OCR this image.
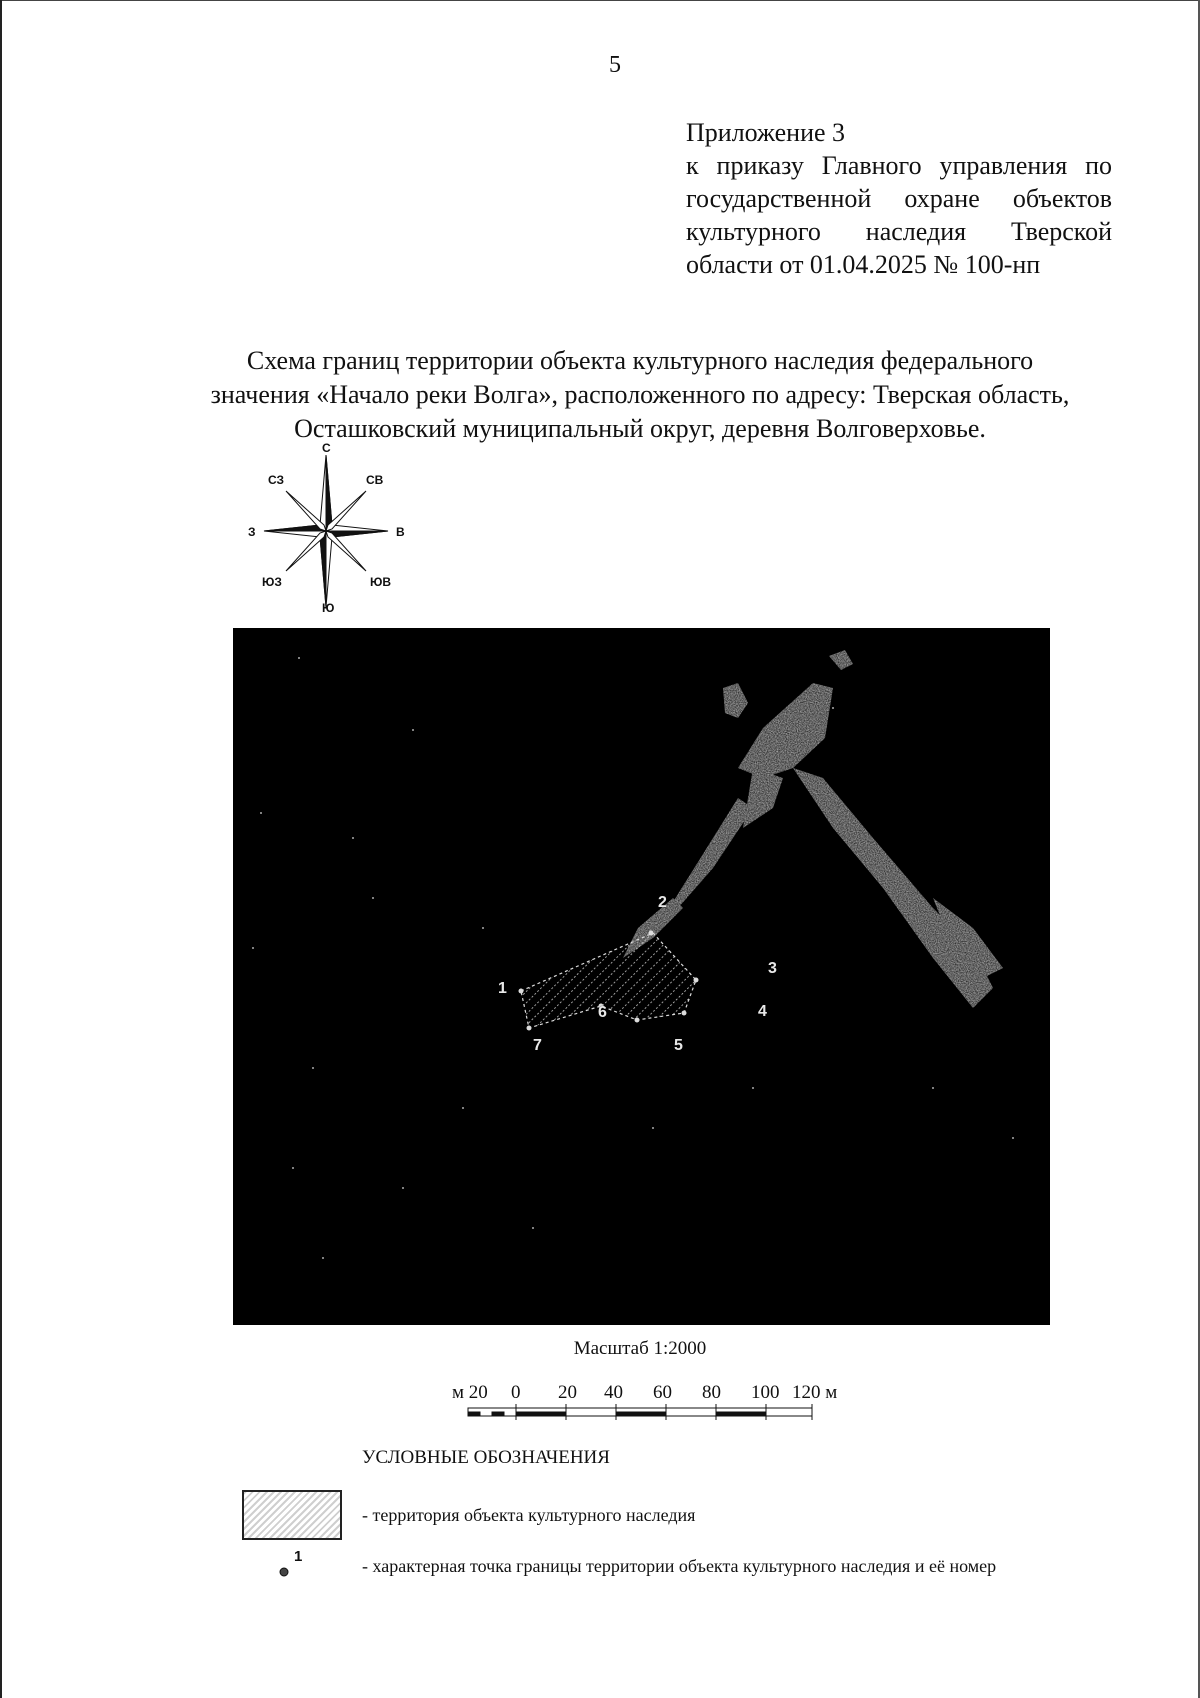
5
Приложение 3
к приказу Главного управления по
государственной охране объектов
культурного наследия Тверской
области от 01.04.2025 № 100-нп
Схема границ территории объекта культурного наследия федерального
значения «Начало реки Волга», расположенного по адресу: Тверская область,
Осташковский муниципальный округ, деревня Волговерховье.
С
СВ
В
ЮВ
Ю
ЮЗ
З
СЗ
1
2
3
4
5
6
7
Масштаб 1:2000
м 20 0 20 40 60 80 100 120 м
УСЛОВНЫЕ ОБОЗНАЧЕНИЯ
- территория объекта культурного наследия
1	- характерная точка границы территории объекта культурного наследия и её номер
